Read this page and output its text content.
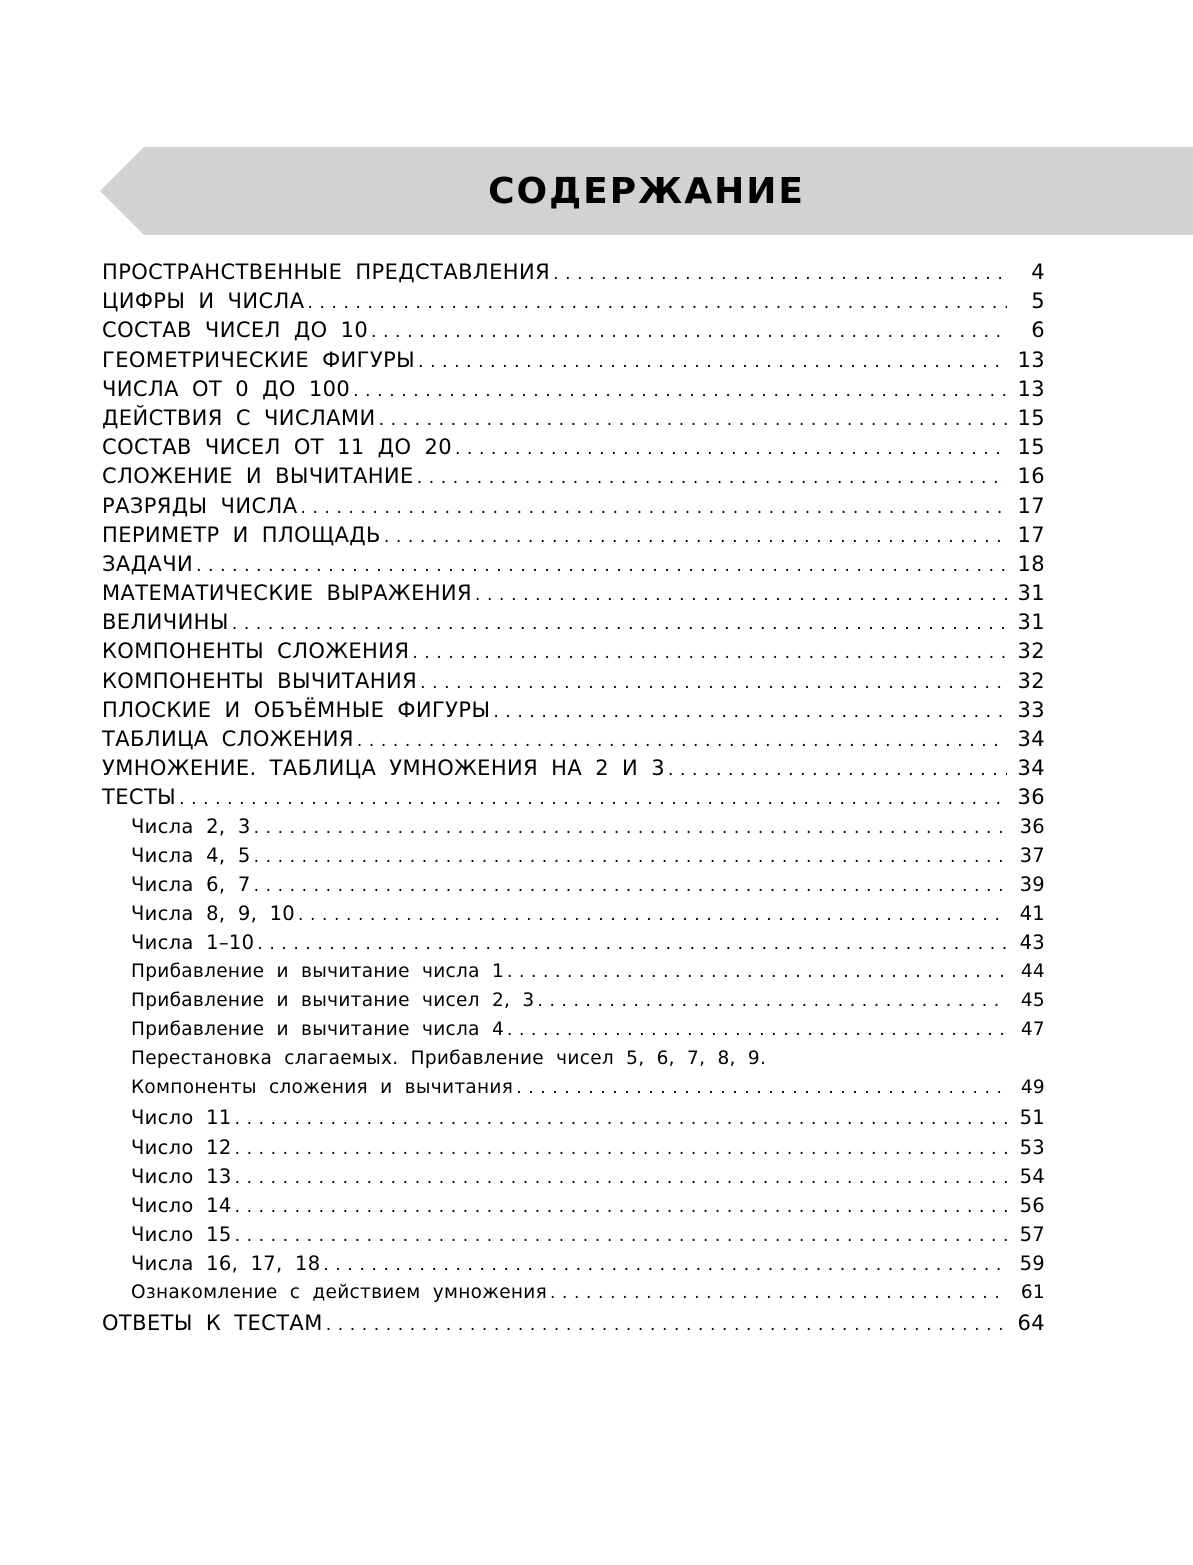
СОДЕРЖАНИЕ
ПРОСТРАНСТВЕННЫЕ ПРЕДСТАВЛЕНИЯ . . .	4
ЦИФРЫ И ЧИСЛА . . .	5
СОСТАВ ЧИСЕЛ ДО 10 . . .	6
ГЕОМЕТРИЧЕСКИЕ ФИГУРЫ . . .	13
ЧИСЛА ОТ 0 ДО 100 . . .	13
ДЕЙСТВИЯ С ЧИСЛАМИ . . .	15
СОСТАВ ЧИСЕЛ ОТ 11 ДО 20 . . .	15
СЛОЖЕНИЕ И ВЫЧИТАНИЕ . . .	16
РАЗРЯДЫ ЧИСЛА . . .	17
ПЕРИМЕТР И ПЛОЩАДЬ . . .	17
ЗАДАЧИ . . .	18
МАТЕМАТИЧЕСКИЕ ВЫРАЖЕНИЯ . . .	31
ВЕЛИЧИНЫ . . .	31
КОМПОНЕНТЫ СЛОЖЕНИЯ . . .	32
КОМПОНЕНТЫ ВЫЧИТАНИЯ . . .	32
ПЛОСКИЕ И ОБЪЁМНЫЕ ФИГУРЫ . . .	33
ТАБЛИЦА СЛОЖЕНИЯ . . .	34
УМНОЖЕНИЕ. ТАБЛИЦА УМНОЖЕНИЯ НА 2 И 3 . . .	34
ТЕСТЫ . . .	36
Числа 2, 3 . . .	36
Числа 4, 5 . . .	37
Числа 6, 7 . . .	39
Числа 8, 9, 10 . . .	41
Числа 1–10 . . .	43
Прибавление и вычитание числа 1 . . .	44
Прибавление и вычитание чисел 2, 3 . . .	45
Прибавление и вычитание числа 4 . . .	47
Перестановка слагаемых. Прибавление чисел 5, 6, 7, 8, 9.
Компоненты сложения и вычитания . . .	49
Число 11 . . .	51
Число 12 . . .	53
Число 13 . . .	54
Число 14 . . .	56
Число 15 . . .	57
Числа 16, 17, 18 . . .	59
Ознакомление с действием умножения . . .	61
ОТВЕТЫ К ТЕСТАМ . . .	64
